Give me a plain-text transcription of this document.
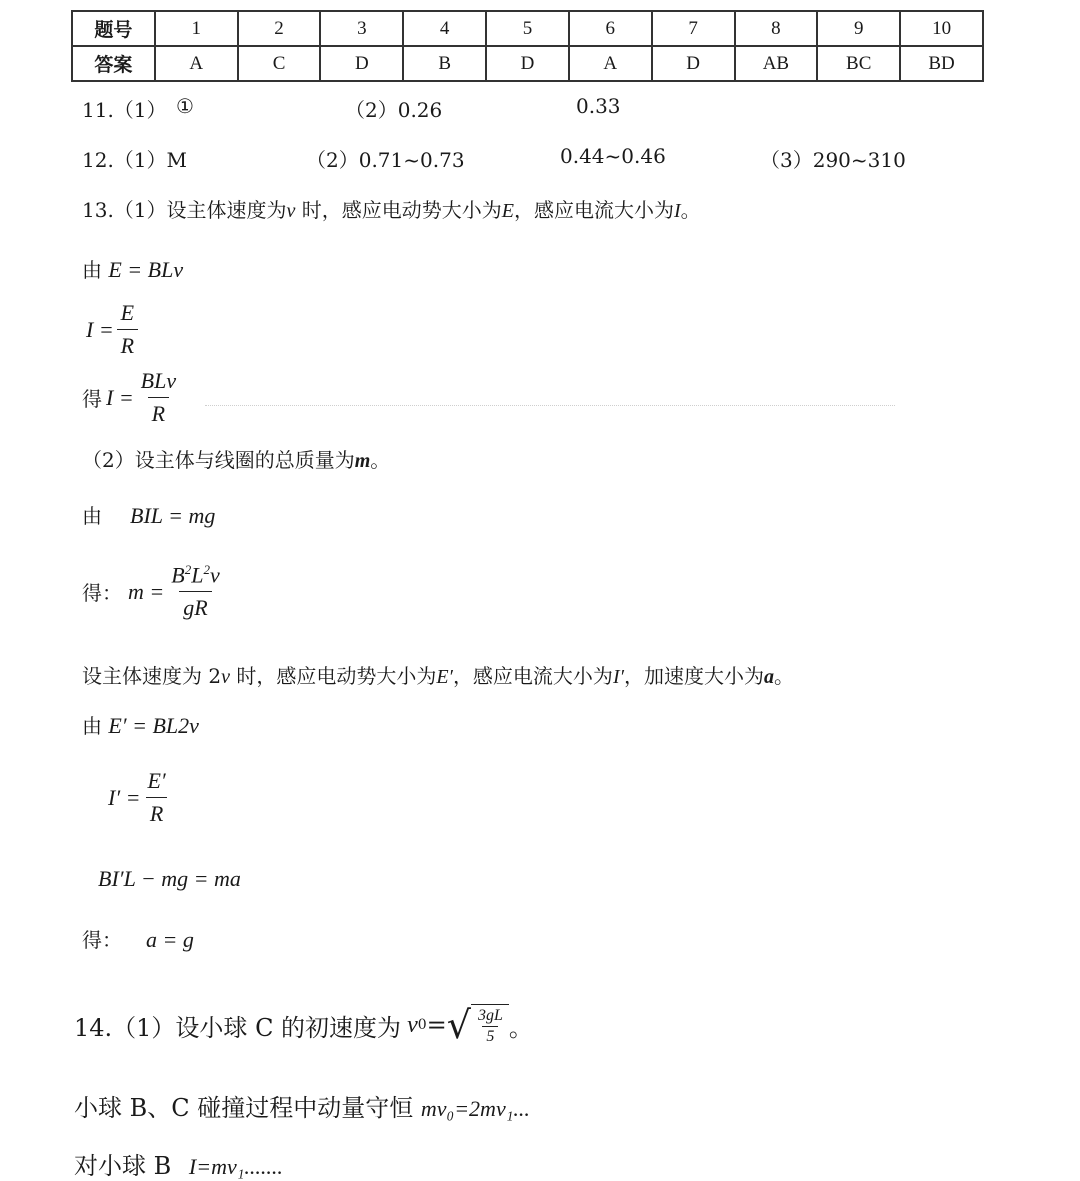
题号	1	2	3	4	5	6	7	8	9	10
答案	A	C	D	B	D	A	D	AB	BC	BD
11.（1） ①	（2）0.26	0.33
12.（1）M	（2）0.71~0.73	0.44~0.46	（3）290~310
13.（1）设主体速度为v 时，感应电动势大小为E，感应电流大小为I。
由 E = BLv
$I = \frac{E}{R}$
得 $I = \frac{\text{BLv}}{R}$
（2）设主体与线圈的总质量为m。
由 BIL = mg
得： $m = \frac{B^2L^2v}{gR}$
设主体速度为 2v 时，感应电动势大小为E′，感应电流大小为I′，加速度大小为a。
由 E′ = BL2v
$I' = \frac{E'}{R}$
BI′L − mg = ma
得： a = g
14.（1）设小球 C 的初速度为 v 0 = √ $\frac{3gL}{5}$ 。
小球 B、C 碰撞过程中动量守恒 mv₀=2mv₁...
对小球 B I=mv₁.......
